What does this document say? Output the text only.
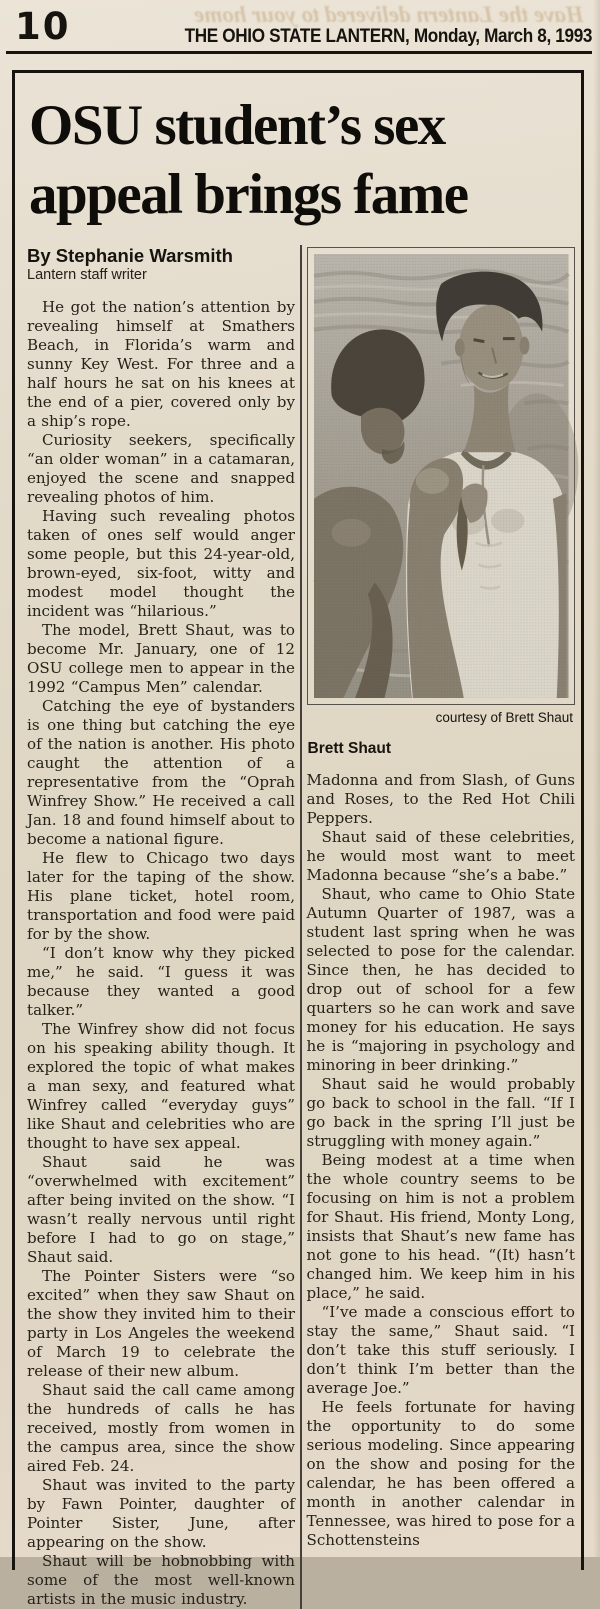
Have the Lantern delivered to your home
10	THE OHIO STATE LANTERN, Monday, March 8, 1993
OSU student’s sex
appeal brings fame
By Stephanie Warsmith
Lantern staff writer

He got the nation’s attention by revealing himself at Smathers Beach, in Florida’s warm and sunny Key West. For three and a half hours he sat on his knees at the end of a pier, covered only by a ship’s rope.

Curiosity seekers, specifically “an older woman” in a catamaran, enjoyed the scene and snapped revealing photos of him.

Having such revealing photos taken of ones self would anger some people, but this 24-year-old, brown-eyed, six-foot, witty and modest model thought the incident was “hilarious.”

The model, Brett Shaut, was to become Mr. January, one of 12 OSU college men to appear in the 1992 “Campus Men” calendar.

Catching the eye of bystanders is one thing but catching the eye of the nation is another. His photo caught the attention of a representative from the “Oprah Winfrey Show.” He received a call Jan. 18 and found himself about to become a national figure.

He flew to Chicago two days later for the taping of the show. His plane ticket, hotel room, transportation and food were paid for by the show.

“I don’t know why they picked me,” he said. “I guess it was because they wanted a good talker.”

The Winfrey show did not focus on his speaking ability though. It explored the topic of what makes a man sexy, and featured what Winfrey called “everyday guys” like Shaut and celebrities who are thought to have sex appeal.

Shaut said he was “overwhelmed with excitement” after being invited on the show. “I wasn’t really nervous until right before I had to go on stage,” Shaut said.

The Pointer Sisters were “so excited” when they saw Shaut on the show they invited him to their party in Los Angeles the weekend of March 19 to celebrate the release of their new album.

Shaut said the call came among the hundreds of calls he has received, mostly from women in the campus area, since the show aired Feb. 24.

Shaut was invited to the party by Fawn Pointer, daughter of Pointer Sister, June, after appearing on the show.

Shaut will be hobnobbing with some of the most well-known artists in the music industry.

courtesy of Brett Shaut
Brett Shaut

Madonna and from Slash, of Guns and Roses, to the Red Hot Chili Peppers.

Shaut said of these celebrities, he would most want to meet Madonna because “she’s a babe.”

Shaut, who came to Ohio State Autumn Quarter of 1987, was a student last spring when he was selected to pose for the calendar. Since then, he has decided to drop out of school for a few quarters so he can work and save money for his education. He says he is “majoring in psychology and minoring in beer drinking.”

Shaut said he would probably go back to school in the fall. “If I go back in the spring I’ll just be struggling with money again.”

Being modest at a time when the whole country seems to be focusing on him is not a problem for Shaut. His friend, Monty Long, insists that Shaut’s new fame has not gone to his head. “(It) hasn’t changed him. We keep him in his place,” he said.

“I’ve made a conscious effort to stay the same,” Shaut said. “I don’t take this stuff seriously. I don’t think I’m better than the average Joe.”

He feels fortunate for having the opportunity to do some serious modeling. Since appearing on the show and posing for the calendar, he has been offered a month in another calendar in Tennessee, was hired to pose for a Schottensteins
